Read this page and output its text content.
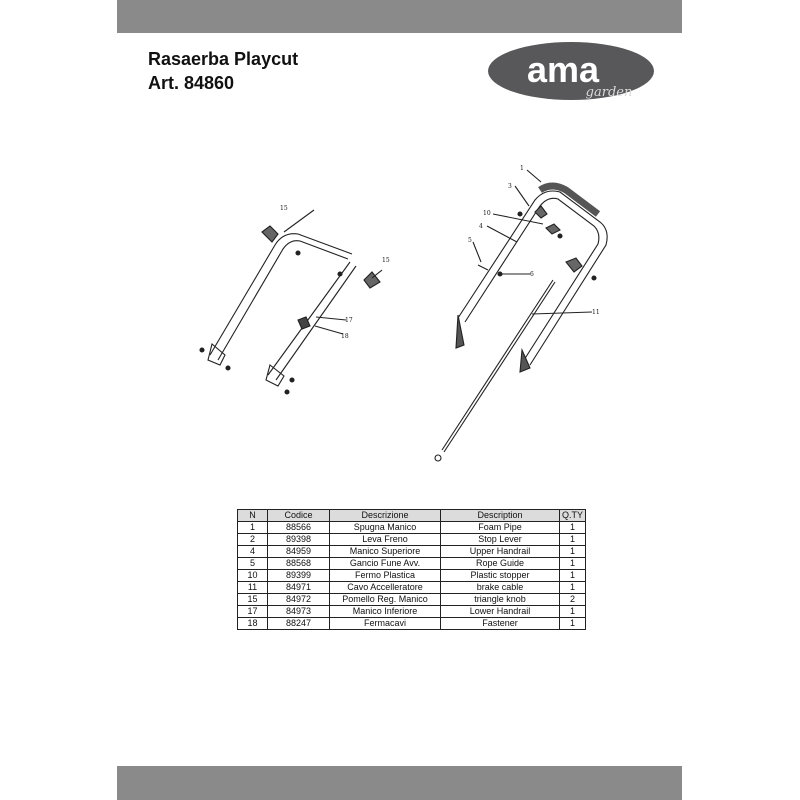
Rasaerba Playcut
Art. 84860	ama
garden
15
15
17
18
1
3
10
4
5
6
11
N	Codice	Descrizione	Description	Q.TY
1	88566	Spugna Manico	Foam Pipe	1
2	89398	Leva Freno	Stop Lever	1
4	84959	Manico Superiore	Upper Handrail	1
5	88568	Gancio Fune Avv.	Rope Guide	1
10	89399	Fermo Plastica	Plastic stopper	1
11	84971	Cavo Accelleratore	brake cable	1
15	84972	Pomello Reg. Manico	triangle knob	2
17	84973	Manico Inferiore	Lower Handrail	1
18	88247	Fermacavi	Fastener	1
